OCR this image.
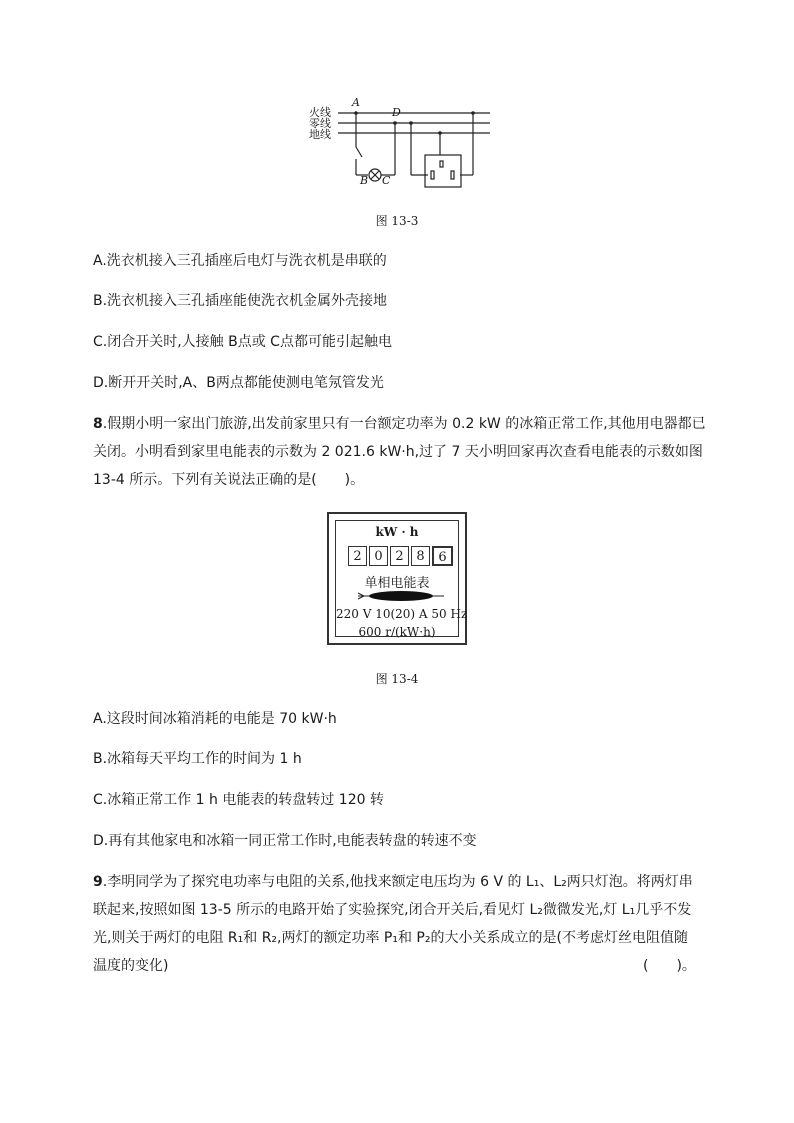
火线
零线
地线
A
D
B C
图 13-3
A.洗衣机接入三孔插座后电灯与洗衣机是串联的
B.洗衣机接入三孔插座能使洗衣机金属外壳接地
C.闭合开关时,人接触 B点或 C点都可能引起触电
D.断开开关时,A、B两点都能使测电笔氖管发光
8.假期小明一家出门旅游,出发前家里只有一台额定功率为 0.2 kW 的冰箱正常工作,其他用电器都已
关闭。小明看到家里电能表的示数为 2 021.6 kW·h,过了 7 天小明回家再次查看电能表的示数如图
13-4 所示。下列有关说法正确的是(　　)。
kW · h
2 0 2 8	6
单相电能表
220 V 10(20) A 50 Hz
600 r/(kW·h)
图 13-4
A.这段时间冰箱消耗的电能是 70 kW·h
B.冰箱每天平均工作的时间为 1 h
C.冰箱正常工作 1 h 电能表的转盘转过 120 转
D.再有其他家电和冰箱一同正常工作时,电能表转盘的转速不变
9.李明同学为了探究电功率与电阻的关系,他找来额定电压均为 6 V 的 L₁、L₂两只灯泡。将两灯串
联起来,按照如图 13-5 所示的电路开始了实验探究,闭合开关后,看见灯 L₂微微发光,灯 L₁几乎不发
光,则关于两灯的电阻 R₁和 R₂,两灯的额定功率 P₁和 P₂的大小关系成立的是(不考虑灯丝电阻值随
温度的变化)	(　　)。
